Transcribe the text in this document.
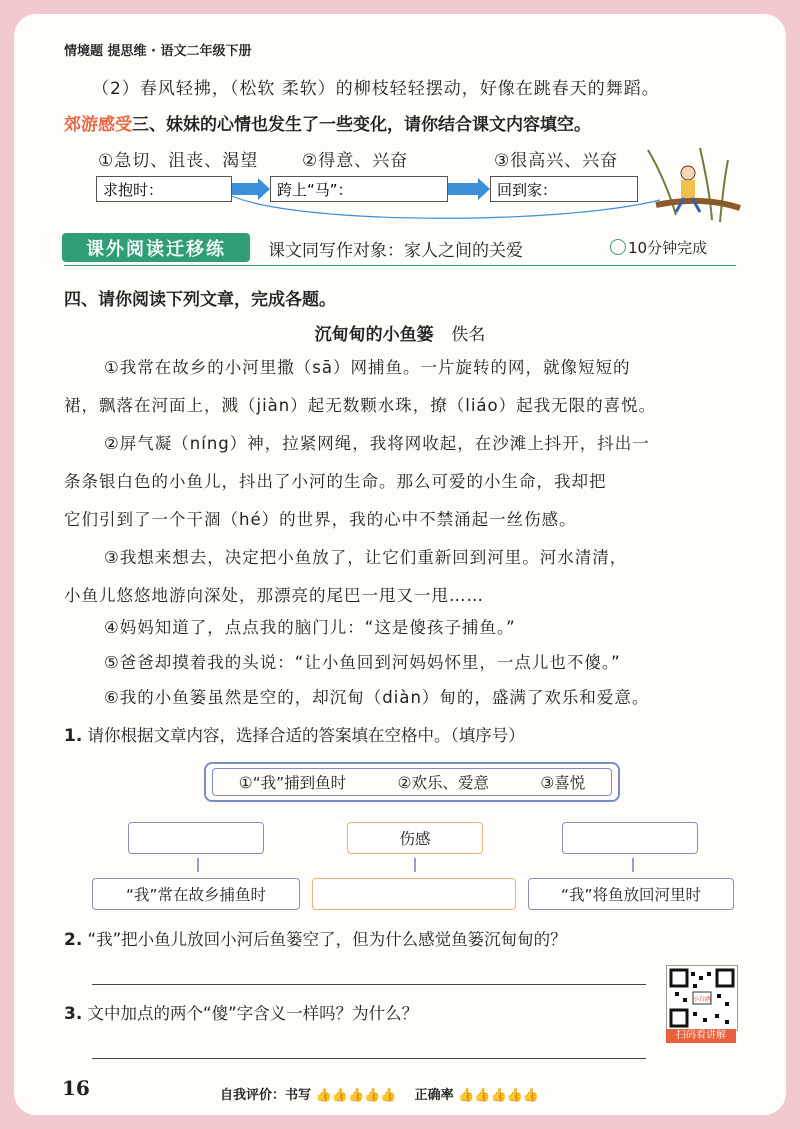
情境题 提思维 · 语文二年级下册
（2）春风轻拂，（松软 柔软）的柳枝轻轻摆动，好像在跳春天的舞蹈。
郊游感受三、妹妹的心情也发生了一些变化，请你结合课文内容填空。
①急切、沮丧、渴望	②得意、兴奋	③很高兴、兴奋
求抱时：	跨上“马”：	回到家：
课外阅读迁移练	课文同写作对象：家人之间的关爱	10分钟完成
四、请你阅读下列文章，完成各题。
沉甸甸的小鱼篓 佚名
①我常在故乡的小河里撒（sā）网捕鱼。一片旋转的网，就像短短的
裙，飘落在河面上，溅（jiàn）起无数颗水珠，撩（liáo）起我无限的喜悦。
②屏气凝（níng）神，拉紧网绳，我将网收起，在沙滩上抖开，抖出一
条条银白色的小鱼儿，抖出了小河的生命。那么可爱的小生命，我却把
它们引到了一个干涸（hé）的世界，我的心中不禁涌起一丝伤感。
③我想来想去，决定把小鱼放了，让它们重新回到河里。河水清清，
小鱼儿悠悠地游向深处，那漂亮的尾巴一甩又一甩……
④妈妈知道了，点点我的脑门儿：“这是傻孩子捕鱼。”
⑤爸爸却摸着我的头说：“让小鱼回到河妈妈怀里，一点儿也不傻。”
⑥我的小鱼篓虽然是空的，却沉甸（diàn）甸的，盛满了欢乐和爱意。
1. 请你根据文章内容，选择合适的答案填在空格中。（填序号）
①“我”捕到鱼时	②欢乐、爱意	③喜悦
伤感
“我”常在故乡捕鱼时	“我”将鱼放回河里时
2. “我”把小鱼儿放回小河后鱼篓空了，但为什么感觉鱼篓沉甸甸的？
3. 文中加点的两个“傻”字含义一样吗？为什么？
小白鸥
扫码看讲解
16	自我评价：书写 👍👍👍👍👍 正确率 👍👍👍👍👍
